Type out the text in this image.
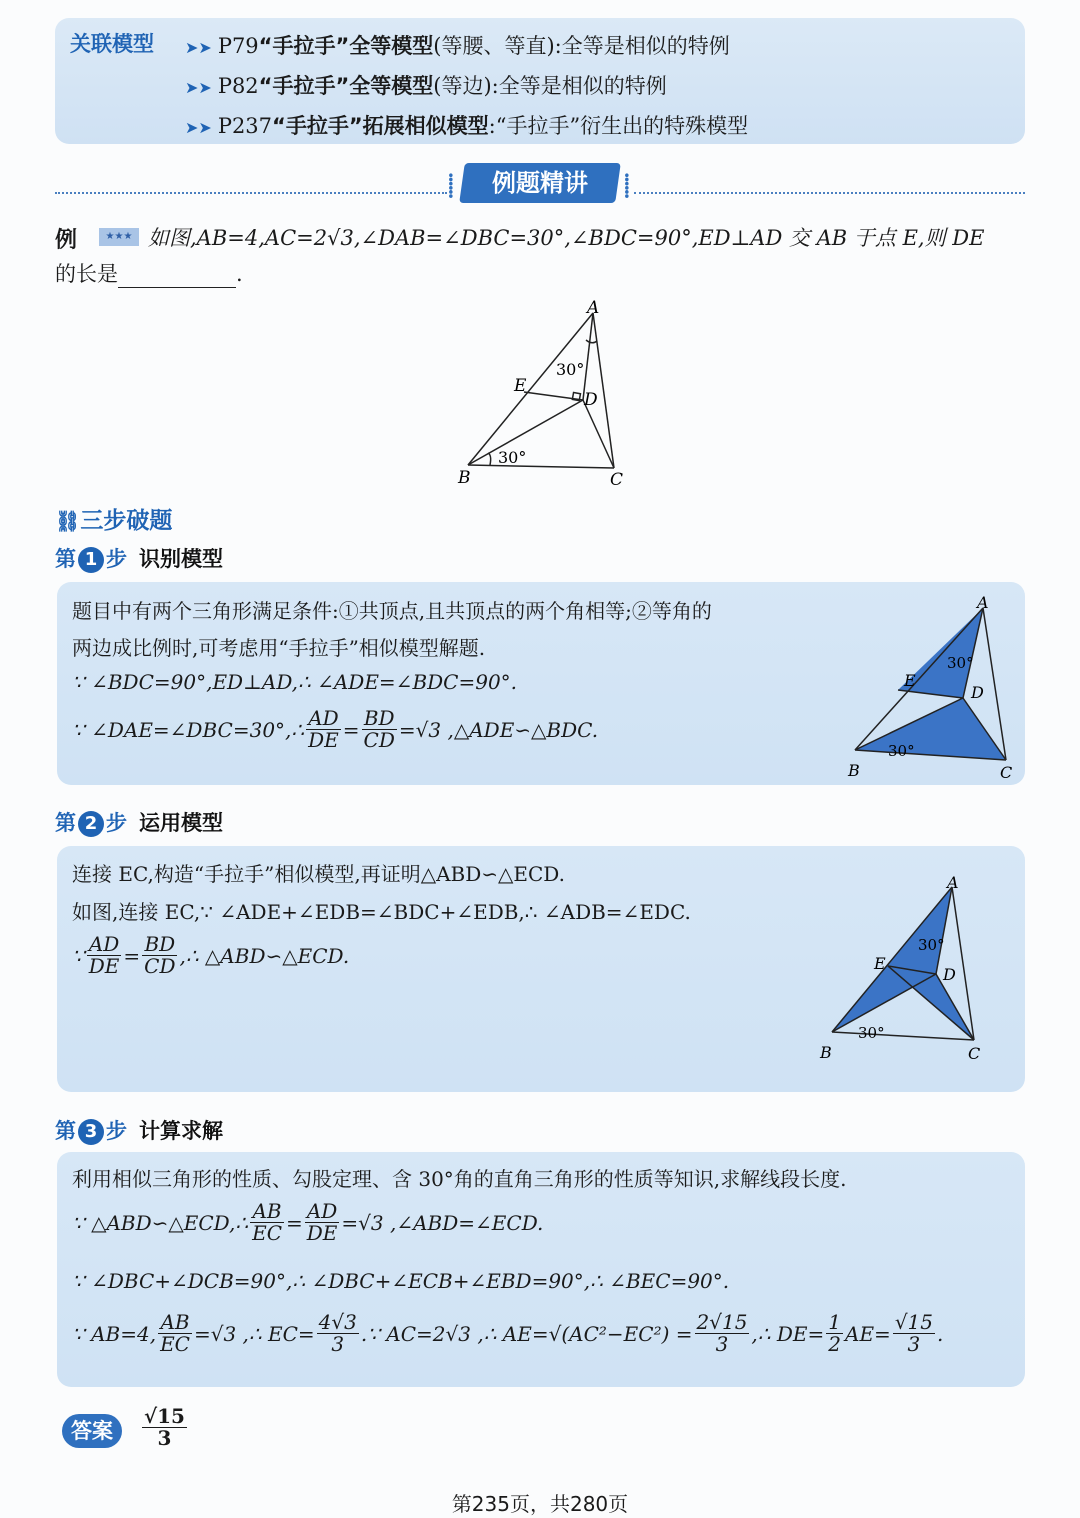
关联模型 ➤➤ P79“手拉手”全等模型(等腰、等直):全等是相似的特例
➤➤ P82“手拉手”全等模型(等边):全等是相似的特例
➤➤ P237“手拉手”拓展相似模型:“手拉手”衍生出的特殊模型
⸽	⸽
例题精讲
例	★★★ 如图,AB=4,AC=2√3,∠DAB=∠DBC=30°,∠BDC=90°,ED⊥AD 交 AB 于点 E,则 DE
的长是	.
A
B	C
D
E
30°
30°
⛓三步破题
第 1 步 识别模型
题目中有两个三角形满足条件:①共顶点,且共顶点的两个角相等;②等角的
两边成比例时,可考虑用“手拉手”相似模型解题.
∵ ∠BDC=90°,ED⊥AD,∴ ∠ADE=∠BDC=90°.
∵ ∠DAE=∠DBC=30°,∴ $\frac{AD}{DE} = \frac{BD}{CD} =√3$ ,△ADE∽△BDC.
A
B	C
D
E
30°
30°
第 2 步 运用模型
连接 EC,构造“手拉手”相似模型,再证明△ABD∽△ECD.
如图,连接 EC,∵ ∠ADE+∠EDB=∠BDC+∠EDB,∴ ∠ADB=∠EDC.
∵ $\frac{AD}{DE} = \frac{BD}{CD}$ ,∴ △ABD∽△ECD.
A
B	C
D
E
30°
30°
第 3 步 计算求解
利用相似三角形的性质、勾股定理、含 30°角的直角三角形的性质等知识,求解线段长度.
∵ △ABD∽△ECD,∴ $\frac{AB}{EC} = \frac{AD}{DE} =√3$ ,∠ABD=∠ECD.
∵ ∠DBC+∠DCB=90°,∴ ∠DBC+∠ECB+∠EBD=90°,∴ ∠BEC=90°.
∵ AB=4, $\frac{AB}{EC} =√3$ ,∴ $EC= \frac{4√3}{3}$ .∵ AC=2√3 ,∴ $AE=√(AC^2-EC^2) = \frac{2√15}{3}$ ,∴ $DE= \frac{1}{2} AE= \frac{√15}{3}$ .
答案	$\frac{√15}{3}$
第235页，共280页
